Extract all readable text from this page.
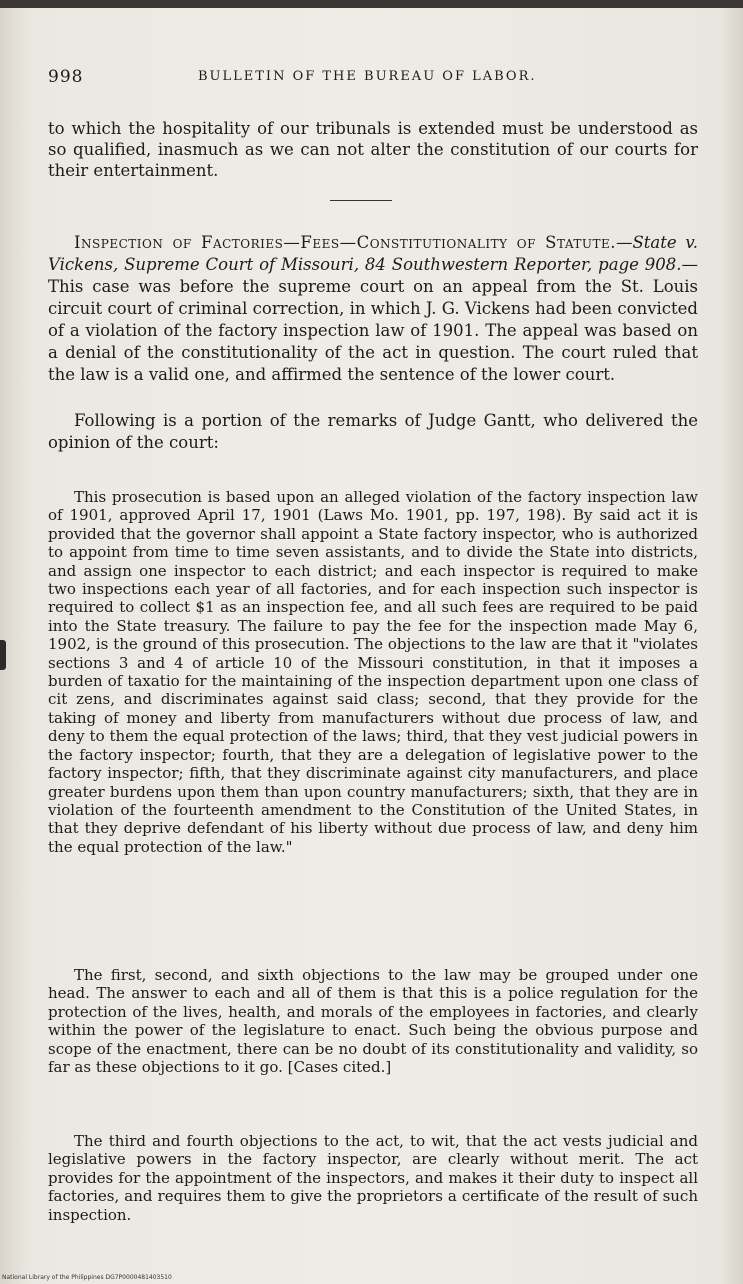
998	BULLETIN OF THE BUREAU OF LABOR.

to which the hospitality of our tribunals is extended must be understood as so qualified, inasmuch as we can not alter the constitution of our courts for their entertainment.

Inspection of Factories—Fees—Constitutionality of Statute.—State v. Vickens, Supreme Court of Missouri, 84 Southwestern Reporter, page 908.—This case was before the supreme court on an appeal from the St. Louis circuit court of criminal correction, in which J. G. Vickens had been convicted of a violation of the factory inspection law of 1901. The appeal was based on a denial of the constitutionality of the act in question. The court ruled that the law is a valid one, and affirmed the sentence of the lower court.

Following is a portion of the remarks of Judge Gantt, who delivered the opinion of the court:

This prosecution is based upon an alleged violation of the factory inspection law of 1901, approved April 17, 1901 (Laws Mo. 1901, pp. 197, 198). By said act it is provided that the governor shall appoint a State factory inspector, who is authorized to appoint from time to time seven assistants, and to divide the State into districts, and assign one inspector to each district; and each inspector is required to make two inspections each year of all factories, and for each inspection such inspector is required to collect $1 as an inspection fee, and all such fees are required to be paid into the State treasury. The failure to pay the fee for the inspection made May 6, 1902, is the ground of this prosecution. The objections to the law are that it "violates sections 3 and 4 of article 10 of the Missouri constitution, in that it imposes a burden of taxatio for the maintaining of the inspection department upon one class of cit zens, and discriminates against said class; second, that they provide for the taking of money and liberty from manufacturers without due process of law, and deny to them the equal protection of the laws; third, that they vest judicial powers in the factory inspector; fourth, that they are a delegation of legislative power to the factory inspector; fifth, that they discriminate against city manufacturers, and place greater burdens upon them than upon country manufacturers; sixth, that they are in violation of the fourteenth amendment to the Constitution of the United States, in that they deprive defendant of his liberty without due process of law, and deny him the equal protection of the law."

The first, second, and sixth objections to the law may be grouped under one head. The answer to each and all of them is that this is a police regulation for the protection of the lives, health, and morals of the employees in factories, and clearly within the power of the legislature to enact. Such being the obvious purpose and scope of the enactment, there can be no doubt of its constitutionality and validity, so far as these objections to it go. [Cases cited.]

The third and fourth objections to the act, to wit, that the act vests judicial and legislative powers in the factory inspector, are clearly without merit. The act provides for the appointment of the inspectors, and makes it their duty to inspect all factories, and requires them to give the proprietors a certificate of the result of such inspection.

National Library of the Philippines DG7P0000481403510
